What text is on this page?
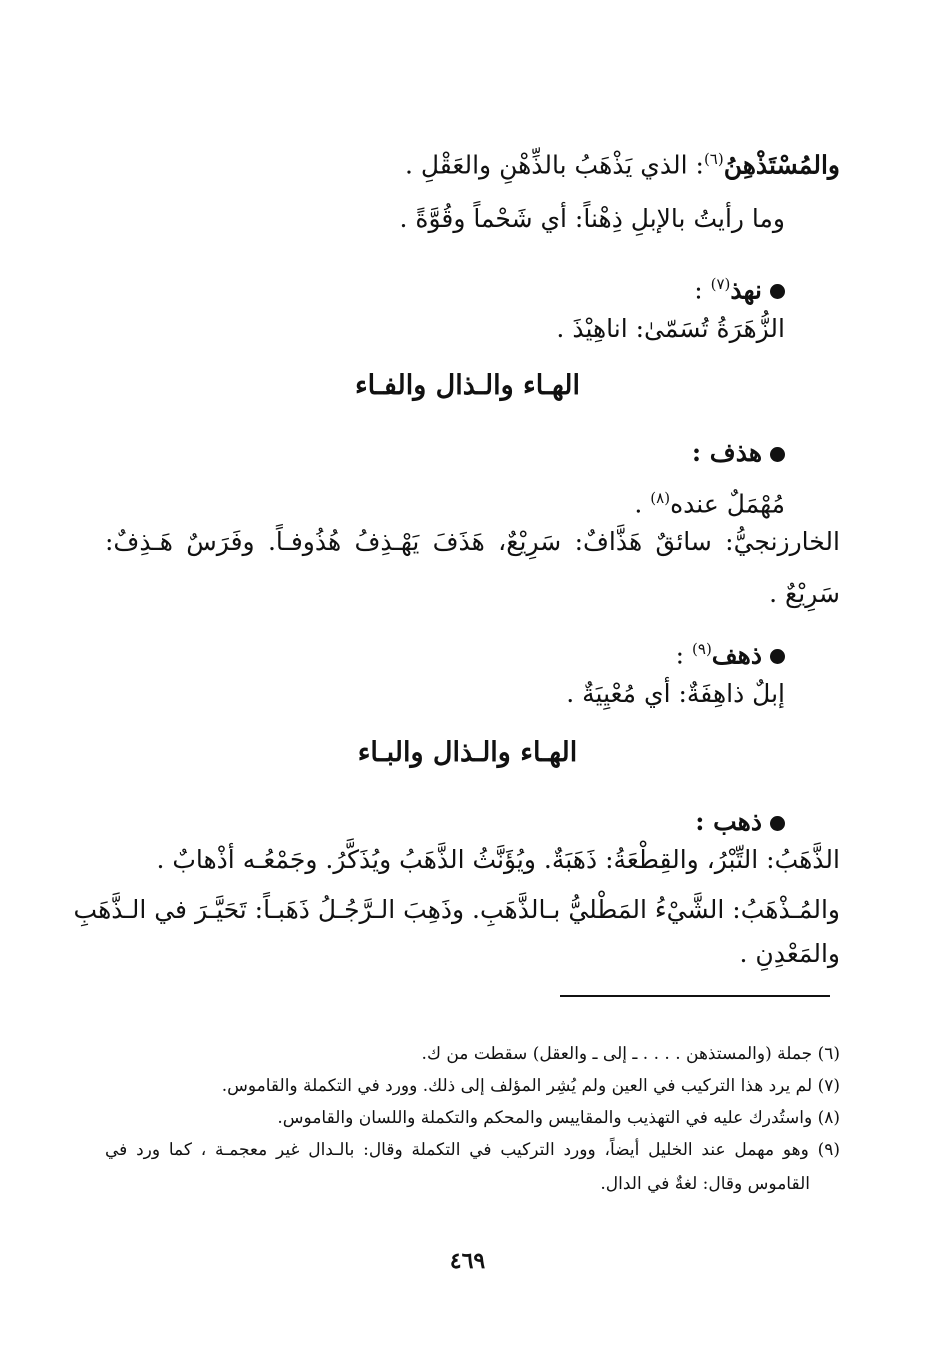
والمُسْتَذْهِنُ$^{(٦)}$: الذي يَذْهَبُ بالذِّهْنِ والعَقْلِ .
وما رأيتُ بالإبلِ ذِهْناً: أي شَحْماً وقُوَّةً .
نهذ$^{(٧)}$ :
الزُّهَرَةُ تُسَمّىٰ: اناهِيْذَ .
الهـاء والـذال والفـاء
هذف :
مُهْمَلٌ عنده$^{(٨)}$ .
الخارزنجيُّ: سائقٌ هَذَّافٌ: سَرِيْعٌ، هَذَفَ يَهْـذِفُ هُذُوفـاً. وفَرَسٌ هَـذِفٌ:
سَرِيْعٌ .
ذهف$^{(٩)}$ :
إبلٌ ذاهِفَةٌ: أي مُعْيِيَةٌ .
الهـاء والـذال والبـاء
ذهب :
الذَّهَبُ: التِّبْرُ، والقِطْعَةُ: ذَهَبَةٌ. ويُؤَنَّثُ الذَّهَبُ ويُذَكَّرُ. وجَمْعُـه أذْهابٌ .
والمُـذْهَبُ: الشَّيْءُ المَطْليُّ بـالذَّهَبِ. وذَهِبَ الـرَّجُـلُ ذَهَبـاً: تَحَيَّـرَ في الـذَّهَبِ
والمَعْدِنِ .
(٦) جملة (والمستذهن . . . . ـ إلى ـ والعقل) سقطت من ك.
(٧) لم يرد هذا التركيب في العين ولم يُشِر المؤلف إلى ذلك. وورد في التكملة والقاموس.
(٨) واستُدرك عليه في التهذيب والمقاييس والمحكم والتكملة واللسان والقاموس.
(٩) وهو مهمل عند الخليل أيضاً، وورد التركيب في التكملة وقال: بالـدال غير معجمـة ، كما ورد في
القاموس وقال: لغةٌ في الدال.
٤٦٩
